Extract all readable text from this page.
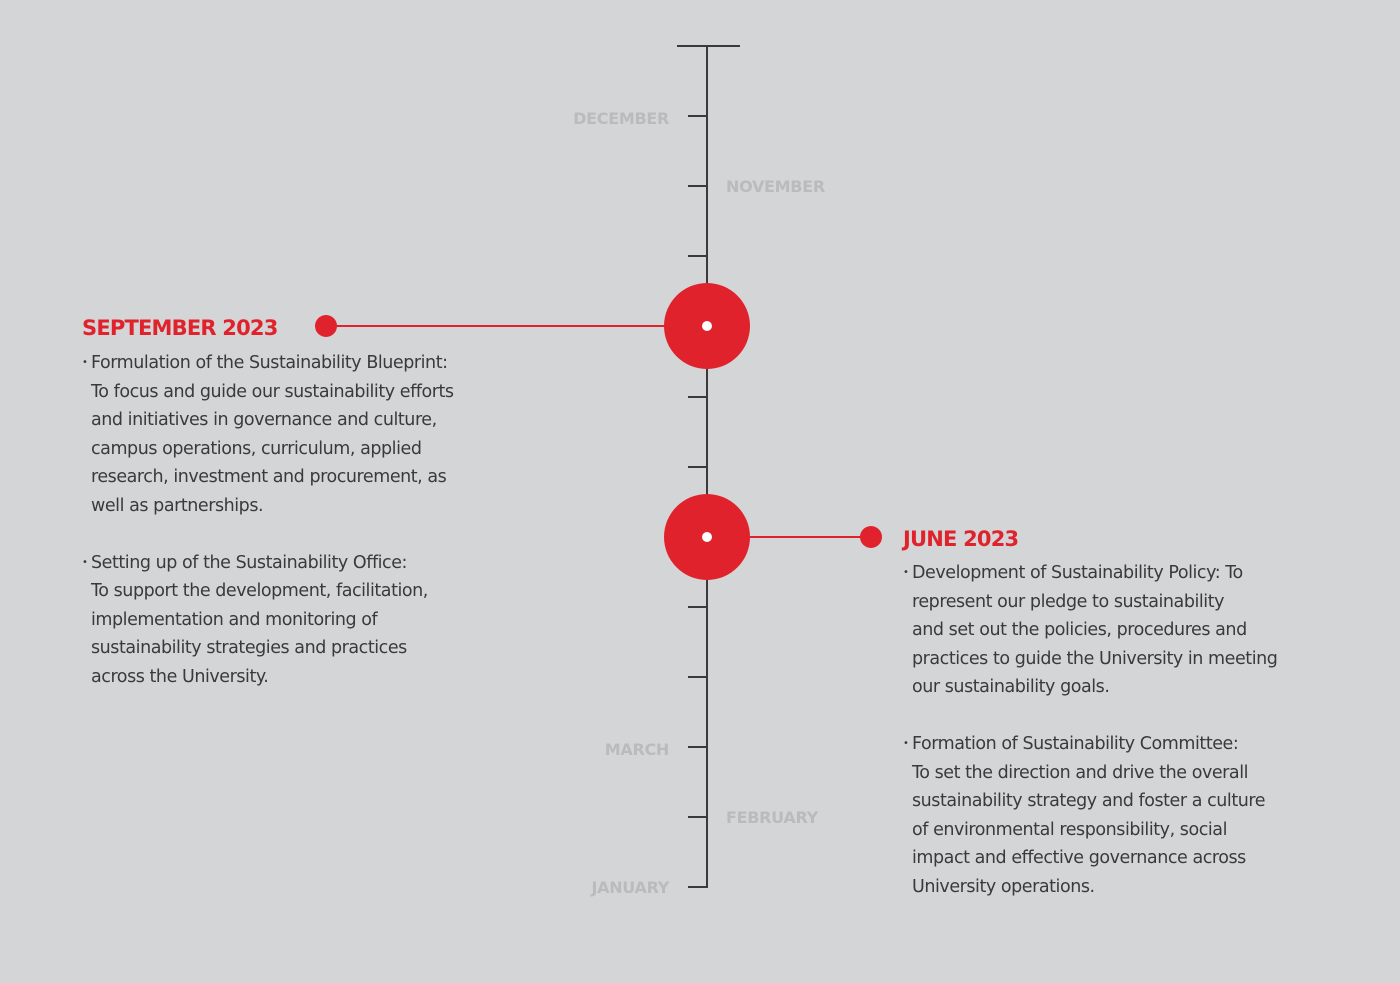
DECEMBER
NOVEMBER
MARCH
FEBRUARY
JANUARY
SEPTEMBER 2023
• Formulation of the Sustainability Blueprint:
To focus and guide our sustainability efforts
and initiatives in governance and culture,
campus operations, curriculum, applied
research, investment and procurement, as
well as partnerships.
• Setting up of the Sustainability Office:
To support the development, facilitation,
implementation and monitoring of
sustainability strategies and practices
across the University.
JUNE 2023
• Development of Sustainability Policy: To
represent our pledge to sustainability
and set out the policies, procedures and
practices to guide the University in meeting
our sustainability goals.
• Formation of Sustainability Committee:
To set the direction and drive the overall
sustainability strategy and foster a culture
of environmental responsibility, social
impact and effective governance across
University operations.
